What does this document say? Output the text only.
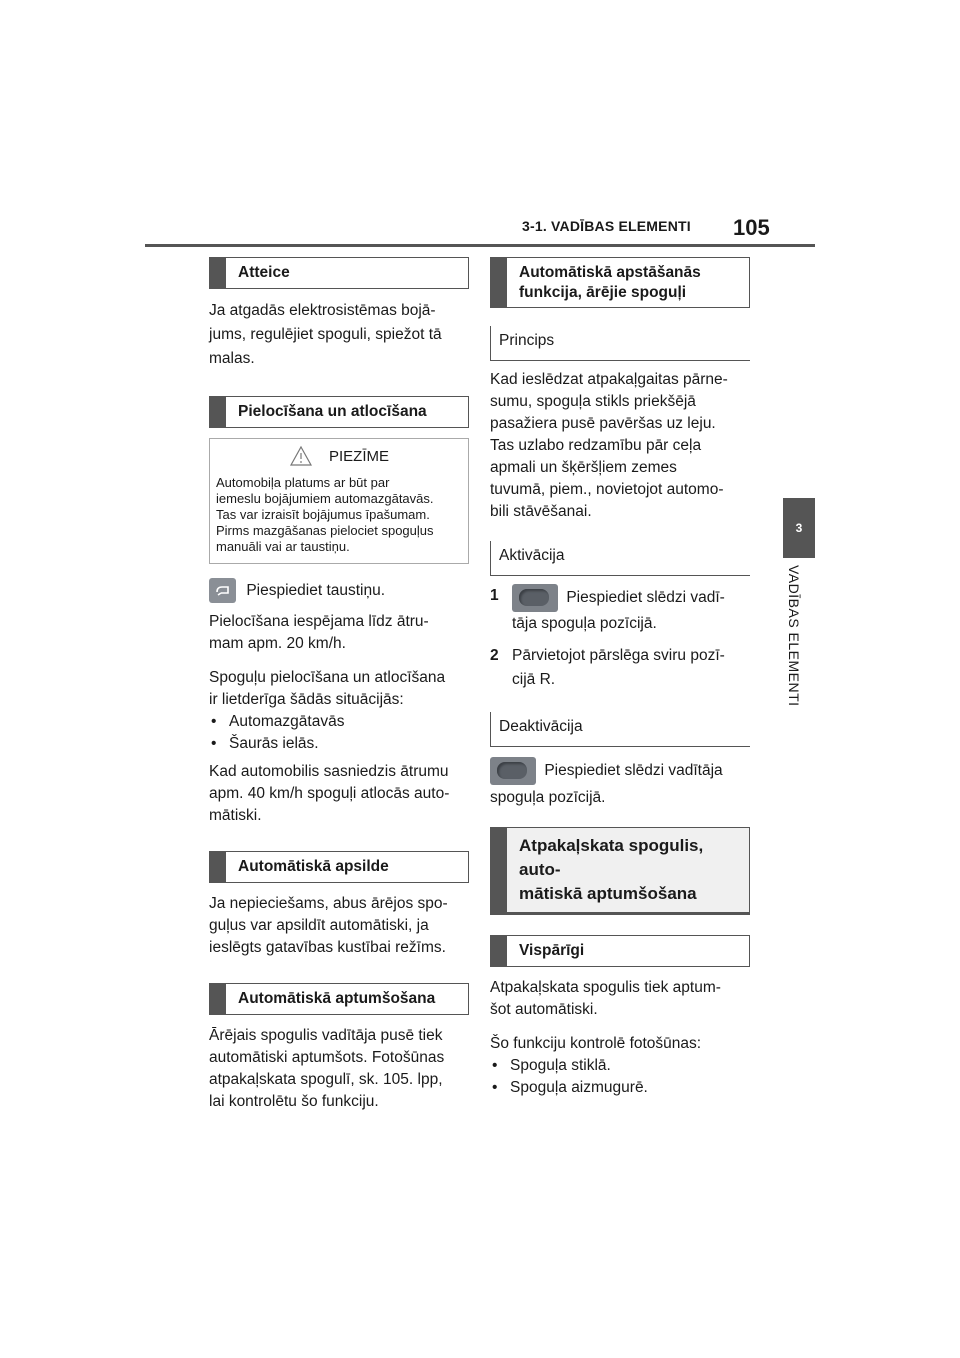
3-1. VADĪBAS ELEMENTI 105
3
VADĪBAS ELEMENTI
Atteice

Ja atgadās elektrosistēmas bojā-
jums, regulējiet spoguli, spiežot tā
malas.

Pielocīšana un atlocīšana
PIEZĪME
Automobiļa platums ar būt par
iemeslu bojājumiem automazgātavās.
Tas var izraisīt bojājumus īpašumam.
Pirms mazgāšanas pielociet spoguļus
manuāli vai ar taustiņu.

Piespiediet taustiņu.

Pielocīšana iespējama līdz ātru-
mam apm. 20 km/h.

Spoguļu pielocīšana un atlocīšana
ir lietderīga šādās situācijās:

• Automazgātavās
• Šaurās ielās.

Kad automobilis sasniedzis ātrumu
apm. 40 km/h spoguļi atlocās auto-
mātiski.

Automātiskā apsilde

Ja nepieciešams, abus ārējos spo-
guļus var apsildīt automātiski, ja
ieslēgts gatavības kustībai režīms.

Automātiskā aptumšošana

Ārējais spogulis vadītāja pusē tiek
automātiski aptumšots. Fotošūnas
atpakaļskata spogulī, sk. 105. lpp,
lai kontrolētu šo funkciju.

Automātiskā apstāšanās
funkcija, ārējie spoguļi
Princips

Kad ieslēdzat atpakaļgaitas pārne-
sumu, spoguļa stikls priekšējā
pasažiera pusē pavēršas uz leju.
Tas uzlabo redzamību pār ceļa
apmali un šķēršļiem zemes
tuvumā, piem., novietojot automo-
bili stāvēšanai.

Aktivācija
1	Piespiediet slēdzi vadī-
tāja spoguļa pozīcijā.
2 Pārvietojot pārslēga sviru pozī-
cijā R.
Deaktivācija

Piespiediet slēdzi vadītāja
spoguļa pozīcijā.

Atpakaļskata spogulis, auto-
mātiskā aptumšošana
Vispārīgi

Atpakaļskata spogulis tiek aptum-
šot automātiski.

Šo funkciju kontrolē fotošūnas:

• Spoguļa stiklā.
• Spoguļa aizmugurē.
